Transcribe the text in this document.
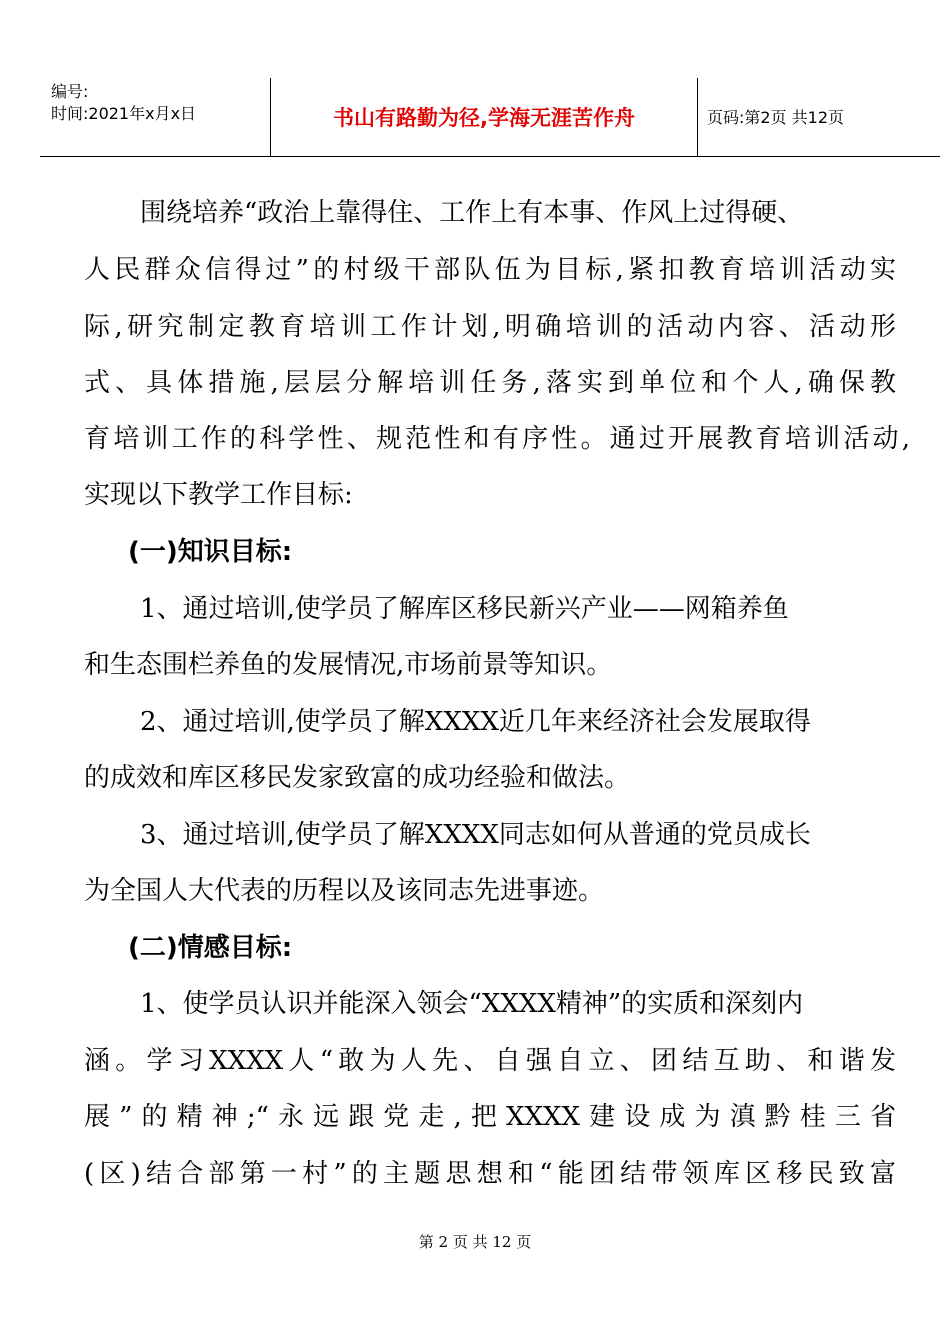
编号:
时间:2021年x月x日	书山有路勤为径,学海无涯苦作舟	页码:第2页 共12页
围绕培养“政治上靠得住、工作上有本事、作风上过得硬、
人民群众信得过”的村级干部队伍为目标,紧扣教育培训活动实
际,研究制定教育培训工作计划,明确培训的活动内容、活动形
式、具体措施,层层分解培训任务,落实到单位和个人,确保教
育培训工作的科学性、规范性和有序性。通过开展教育培训活动,
实现以下教学工作目标:
(一)知识目标:
1、通过培训,使学员了解库区移民新兴产业——网箱养鱼
和生态围栏养鱼的发展情况,市场前景等知识。
2、通过培训,使学员了解XXXX近几年来经济社会发展取得
的成效和库区移民发家致富的成功经验和做法。
3、通过培训,使学员了解XXXX同志如何从普通的党员成长
为全国人大代表的历程以及该同志先进事迹。
(二)情感目标:
1、使学员认识并能深入领会“XXXX精神”的实质和深刻内
涵。学习XXXX人“敢为人先、自强自立、团结互助、和谐发
展”的精神;“永远跟党走,把XXXX建设成为滇黔桂三省
(区)结合部第一村”的主题思想和“能团结带领库区移民致富
第 2 页 共 12 页
